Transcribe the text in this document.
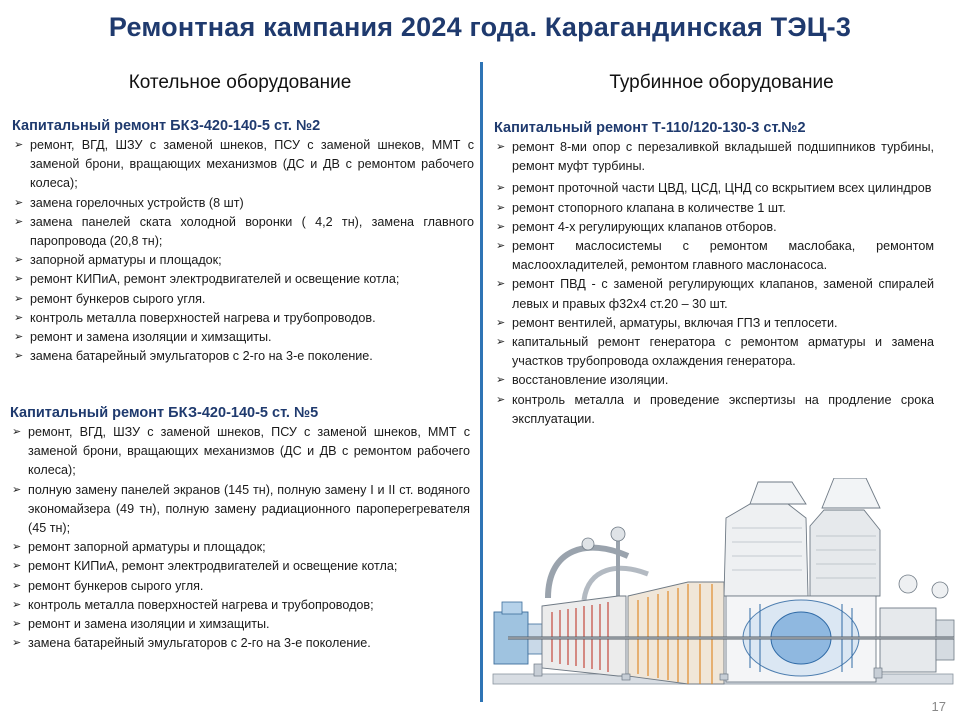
Ремонтная кампания 2024 года. Карагандинская ТЭЦ-3
Котельное оборудование	Турбинное оборудование
Капитальный ремонт БКЗ-420-140-5 ст. №2
➢ ремонт, ВГД, ШЗУ с заменой шнеков, ПСУ с заменой шнеков, ММТ с заменой брони, вращающих механизмов (ДС и ДВ с ремонтом рабочего колеса);
➢ замена горелочных устройств (8 шт)
➢ замена панелей ската холодной воронки ( 4,2 тн), замена главного паропровода (20,8 тн);
➢ запорной арматуры и площадок;
➢ ремонт КИПиА, ремонт электродвигателей и освещение котла;
➢ ремонт бункеров сырого угля.
➢ контроль металла поверхностей нагрева и трубопроводов.
➢ ремонт и замена изоляции и химзащиты.
➢ замена батарейный эмульгаторов с 2-го на 3-е поколение.
Капитальный ремонт БКЗ-420-140-5 ст. №5
➢ ремонт, ВГД, ШЗУ с заменой шнеков, ПСУ с заменой шнеков, ММТ с заменой брони, вращающих механизмов (ДС и ДВ с ремонтом рабочего колеса);
➢ полную замену панелей экранов (145 тн), полную замену I и II ст. водяного экономайзера (49 тн), полную замену радиационного пароперегревателя (45 тн);
➢ ремонт запорной арматуры и площадок;
➢ ремонт КИПиА, ремонт электродвигателей и освещение котла;
➢ ремонт бункеров сырого угля.
➢ контроль металла поверхностей нагрева и трубопроводов;
➢ ремонт и замена изоляции и химзащиты.
➢ замена батарейный эмульгаторов с 2-го на 3-е поколение.
Капитальный ремонт Т-110/120-130-3 ст.№2
➢ ремонт 8-ми опор с перезаливкой вкладышей подшипников турбины, ремонт муфт турбины.
➢ ремонт проточной части ЦВД, ЦСД, ЦНД со вскрытием всех цилиндров
➢ ремонт стопорного клапана в количестве 1 шт.
➢ ремонт 4-х регулирующих клапанов отборов.
➢ ремонт маслосистемы с ремонтом маслобака, ремонтом маслоохладителей, ремонтом главного маслонасоса.
➢ ремонт ПВД - с заменой регулирующих клапанов, заменой спиралей левых и правых ф32х4 ст.20 – 30 шт.
➢ ремонт вентилей, арматуры, включая ГПЗ и теплосети.
➢ капитальный ремонт генератора с ремонтом арматуры и замена участков трубопровода охлаждения генератора.
➢ восстановление изоляции.
➢ контроль металла и проведение экспертизы на продление срока эксплуатации.
17
